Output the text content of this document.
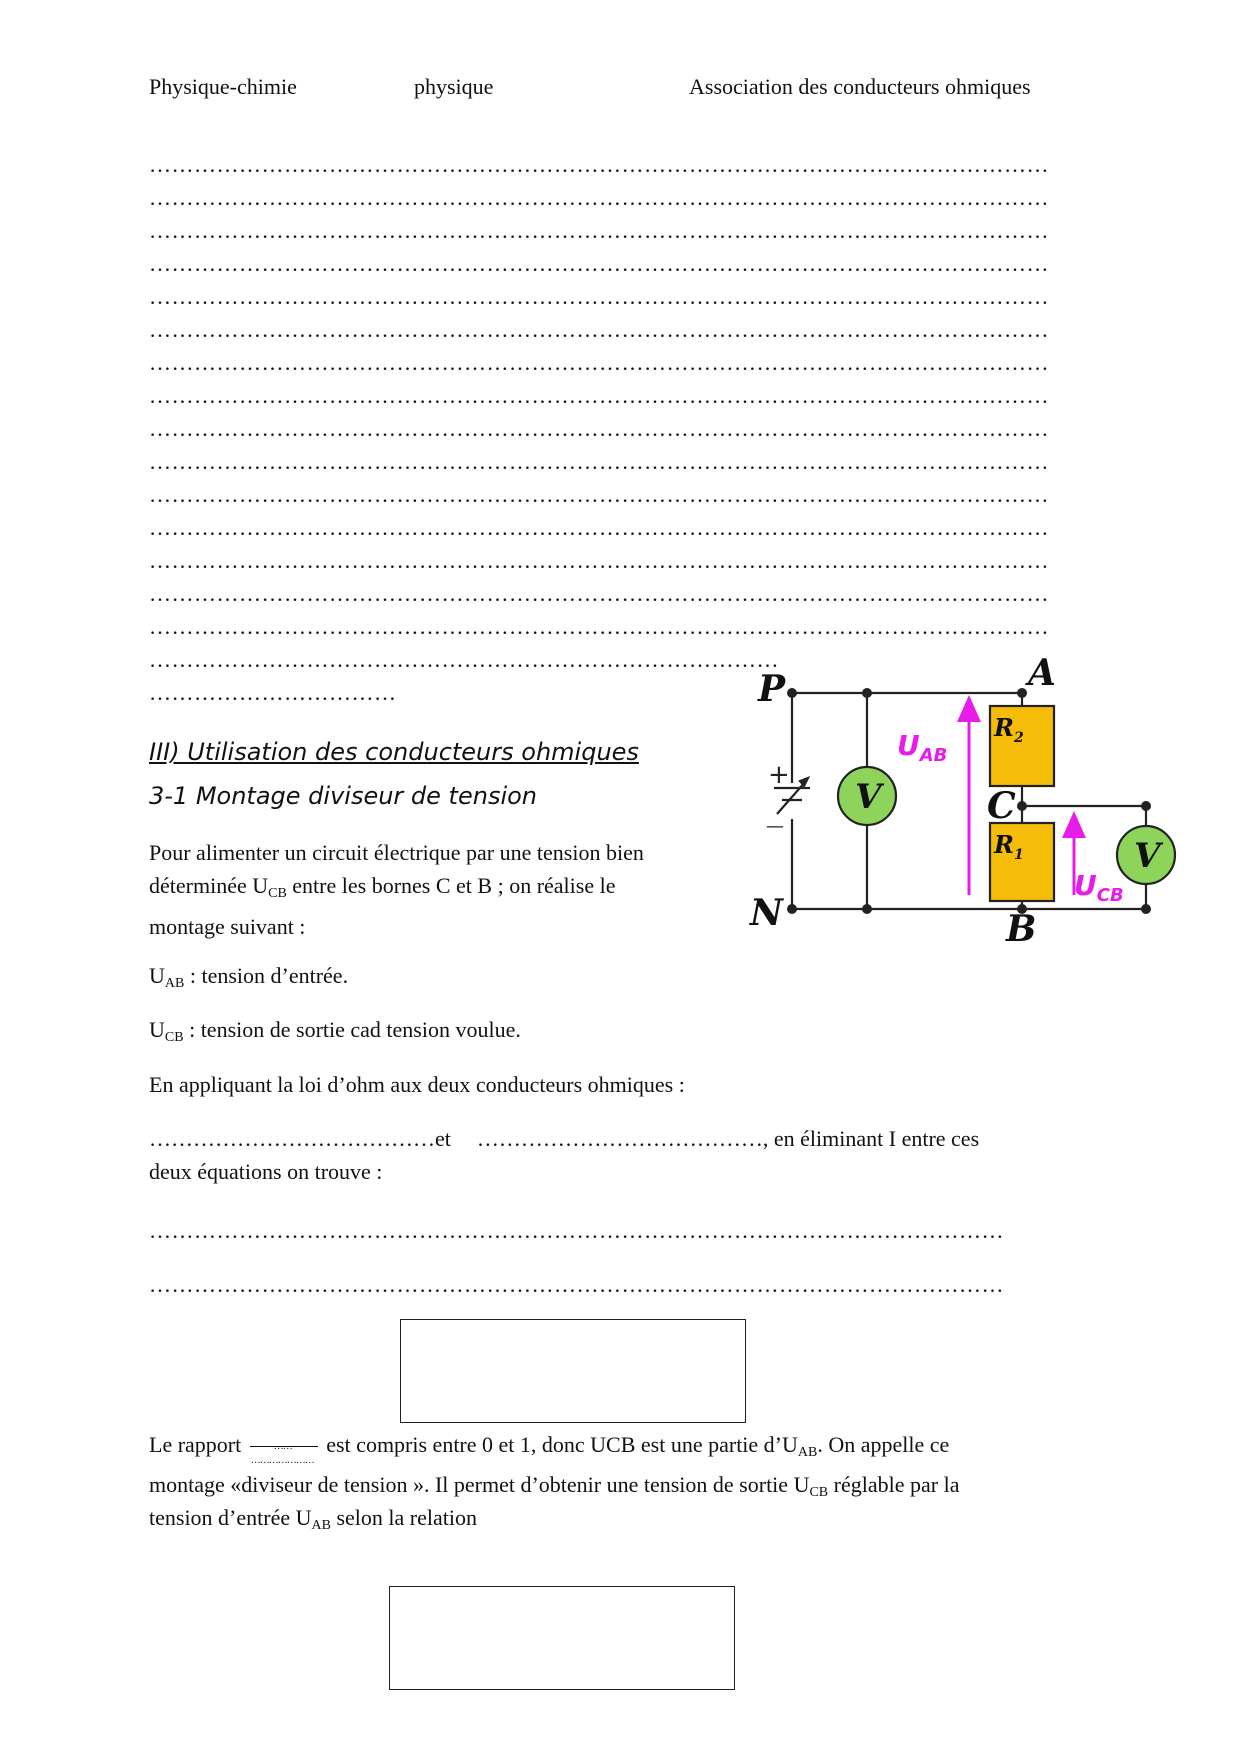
Physique-chimie	physique	Association des conducteurs ohmiques
…………………………………………………………………………………………………………
…………………………………………………………………………………………………………
…………………………………………………………………………………………………………
…………………………………………………………………………………………………………
…………………………………………………………………………………………………………
…………………………………………………………………………………………………………
…………………………………………………………………………………………………………
…………………………………………………………………………………………………………
…………………………………………………………………………………………………………
…………………………………………………………………………………………………………
…………………………………………………………………………………………………………
…………………………………………………………………………………………………………
…………………………………………………………………………………………………………
…………………………………………………………………………………………………………
…………………………………………………………………………………………………………
…………………………………………………………………………
……………………………
III) Utilisation des conducteurs ohmiques
3-1 Montage diviseur de tension
Pour alimenter un circuit électrique par une tension bien
déterminée $U_{CB}$ entre les bornes C et B ; on réalise le
montage suivant :
$U_{AB}$ : tension d’entrée.
$U_{CB}$ : tension de sortie cad tension voulue.
En appliquant la loi d’ohm aux deux conducteurs ohmiques :
…………………………………et …………………………………, en éliminant I entre ces
deux équations on trouve :
……………………………………………………………………………………………………
……………………………………………………………………………………………………
Le rapport	……
…………………
est compris entre 0 et 1, donc UCB est une partie $d’U_{AB}$. On appelle ce
montage «diviseur de tension ». Il permet d’obtenir une tension de sortie $U_{CB}$ réglable par la
tension d’entrée $U_{AB}$ selon la relation
+
—
V
$R_2$
$R_1$	V
$U_{AB}$
$U_{CB}$
P
N
A
C
B
